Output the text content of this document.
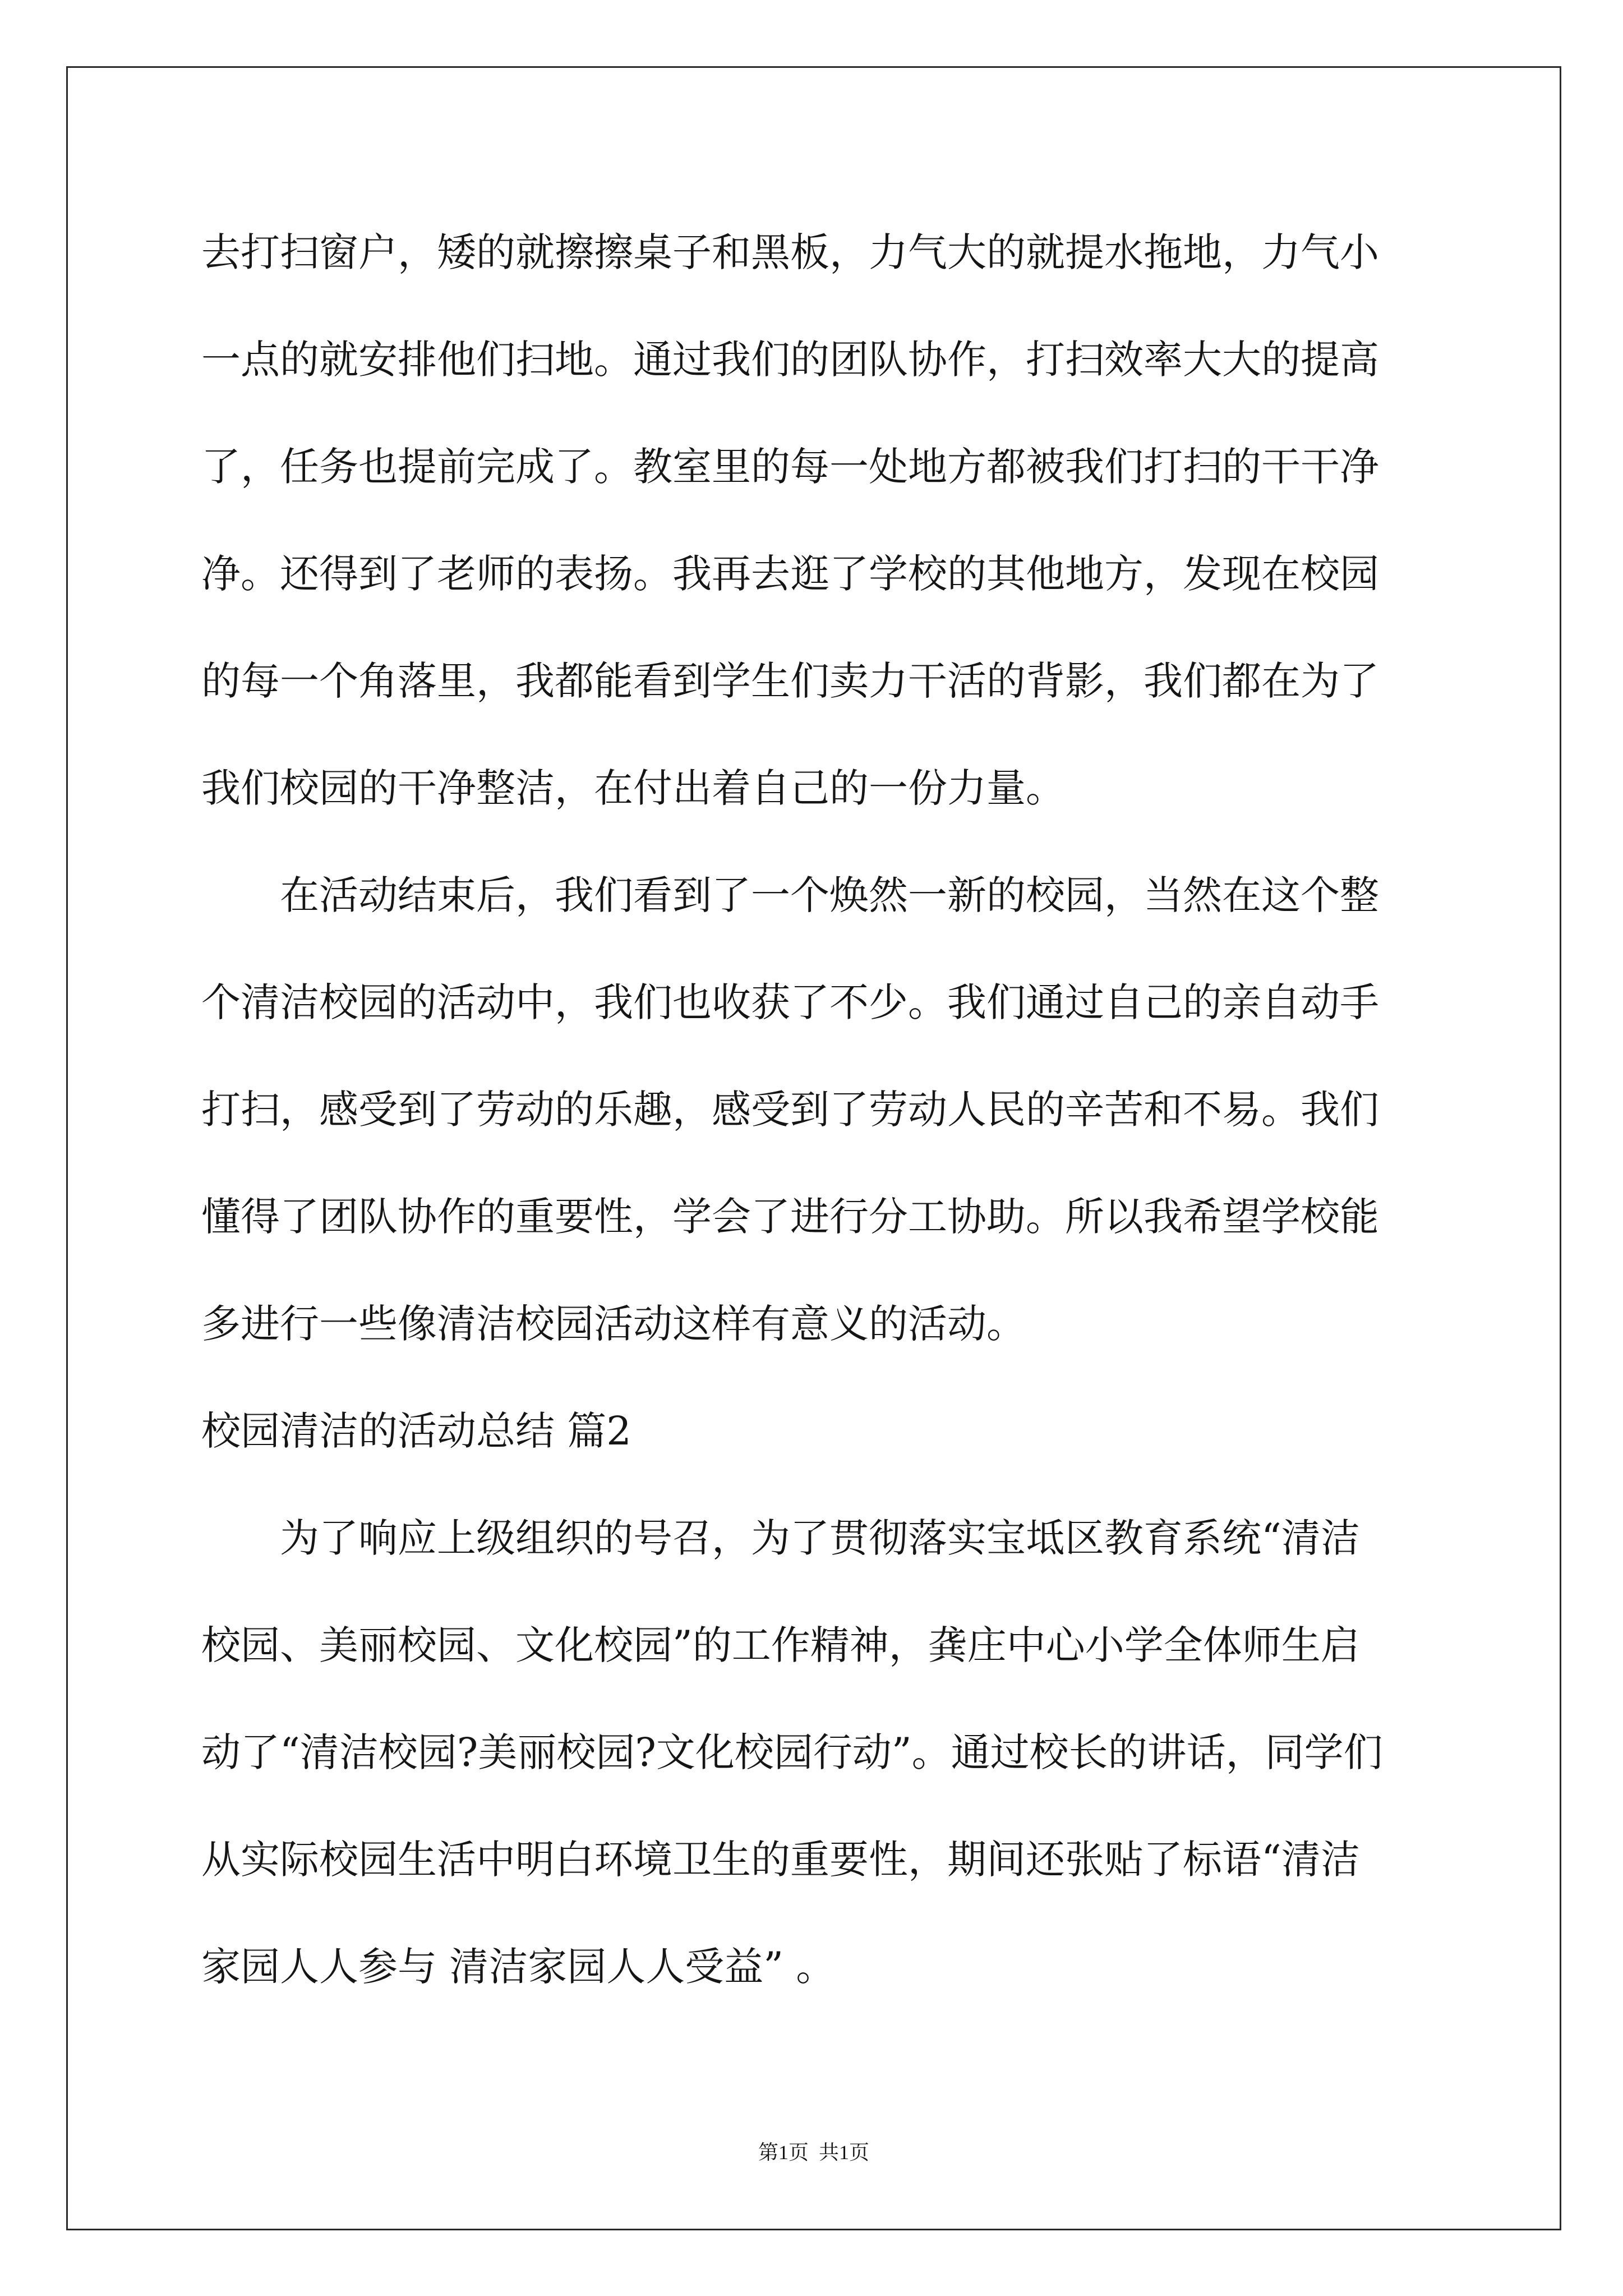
去打扫窗户，矮的就擦擦桌子和黑板，力气大的就提水拖地，力气小
一点的就安排他们扫地。通过我们的团队协作，打扫效率大大的提高
了，任务也提前完成了。教室里的每一处地方都被我们打扫的干干净
净。还得到了老师的表扬。我再去逛了学校的其他地方，发现在校园
的每一个角落里，我都能看到学生们卖力干活的背影，我们都在为了
我们校园的干净整洁，在付出着自己的一份力量。
在活动结束后，我们看到了一个焕然一新的校园，当然在这个整
个清洁校园的活动中，我们也收获了不少。我们通过自己的亲自动手
打扫，感受到了劳动的乐趣，感受到了劳动人民的辛苦和不易。我们
懂得了团队协作的重要性，学会了进行分工协助。所以我希望学校能
多进行一些像清洁校园活动这样有意义的活动。
校园清洁的活动总结 篇2
为了响应上级组织的号召，为了贯彻落实宝坻区教育系统“清洁
校园、美丽校园、文化校园”的工作精神，龚庄中心小学全体师生启
动了“清洁校园?美丽校园?文化校园行动”。通过校长的讲话，同学们
从实际校园生活中明白环境卫生的重要性，期间还张贴了标语“清洁
家园人人参与 清洁家园人人受益” 。
第1页  共1页
